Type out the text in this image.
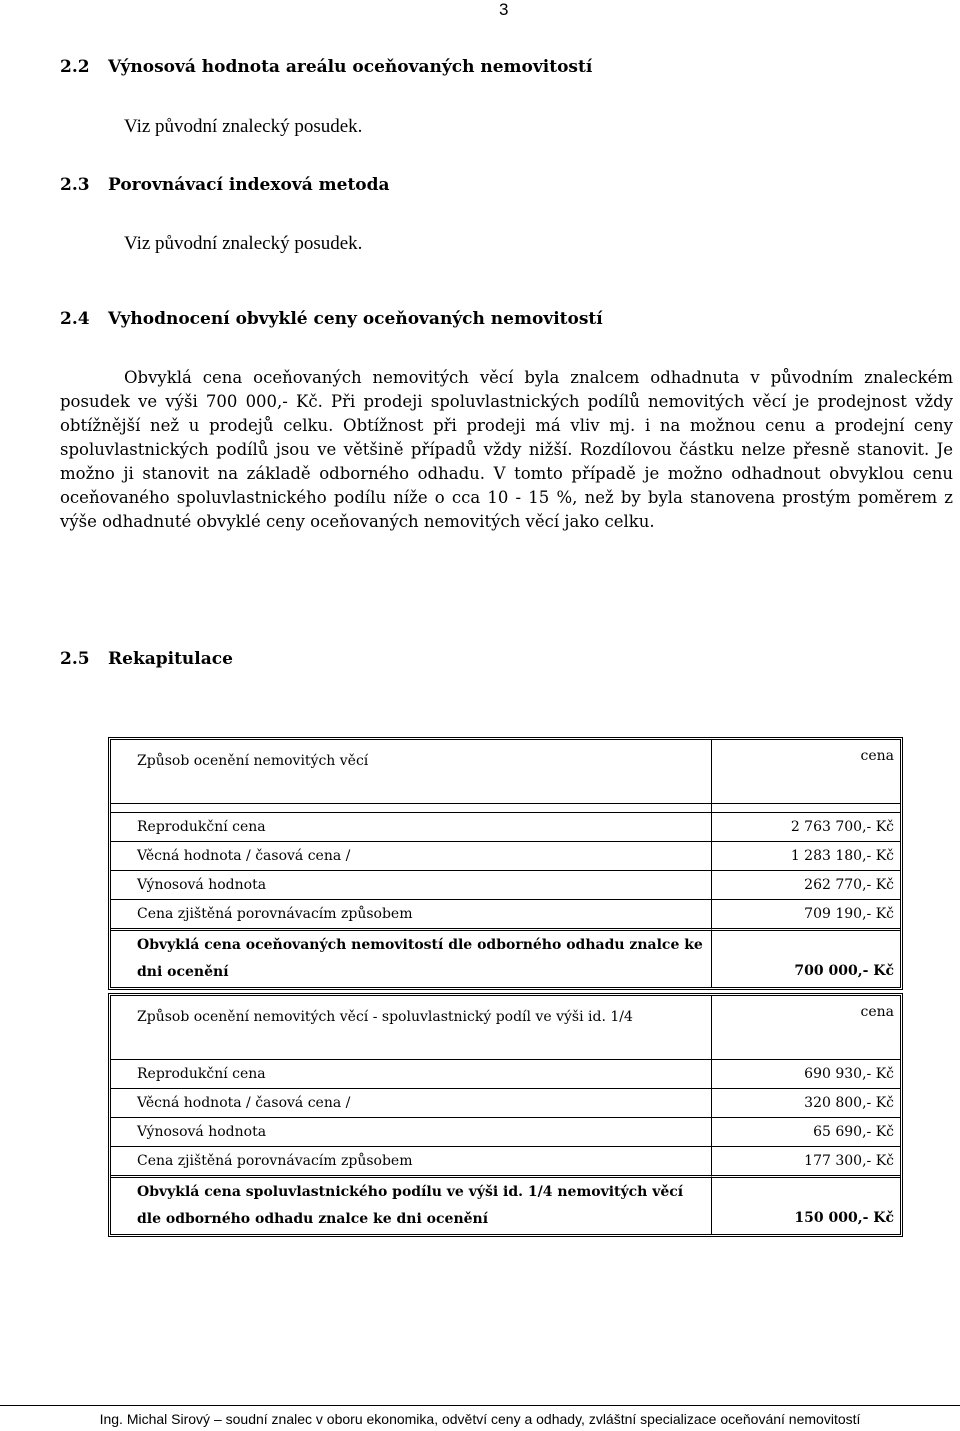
3
2.2 Výnosová hodnota areálu oceňovaných nemovitostí
Viz původní znalecký posudek.
2.3 Porovnávací indexová metoda
Viz původní znalecký posudek.
2.4 Vyhodnocení obvyklé ceny oceňovaných nemovitostí
Obvyklá cena oceňovaných nemovitých věcí byla znalcem odhadnuta v původním znaleckém posudek ve výši 700 000,- Kč. Při prodeji spoluvlastnických podílů nemovitých věcí je prodejnost vždy obtížnější než u prodejů celku. Obtížnost při prodeji má vliv mj. i na možnou cenu a prodejní ceny spoluvlastnických podílů jsou ve většině případů vždy nižší. Rozdílovou částku nelze přesně stanovit. Je možno ji stanovit na základě odborného odhadu. V tomto případě je možno odhadnout obvyklou cenu oceňovaného spoluvlastnického podílu níže o cca 10 - 15 %, než by byla stanovena prostým poměrem z výše odhadnuté obvyklé ceny oceňovaných nemovitých věcí jako celku.
2.5 Rekapitulace
Způsob ocenění nemovitých věcí	cena

Reprodukční cena	2 763 700,- Kč
Věcná hodnota / časová cena /	1 283 180,- Kč
Výnosová hodnota	262 770,- Kč
Cena zjištěná porovnávacím způsobem	709 190,- Kč
Obvyklá cena oceňovaných nemovitostí dle odborného odhadu znalce ke dni ocenění	700 000,- Kč
Způsob ocenění nemovitých věcí - spoluvlastnický podíl ve výši id. 1/4	cena
Reprodukční cena	690 930,- Kč
Věcná hodnota / časová cena /	320 800,- Kč
Výnosová hodnota	65 690,- Kč
Cena zjištěná porovnávacím způsobem	177 300,- Kč
Obvyklá cena spoluvlastnického podílu ve výši id. 1/4 nemovitých věcí dle odborného odhadu znalce ke dni ocenění	150 000,- Kč
Ing. Michal Sirový – soudní znalec v oboru ekonomika, odvětví ceny a odhady, zvláštní specializace oceňování nemovitostí
